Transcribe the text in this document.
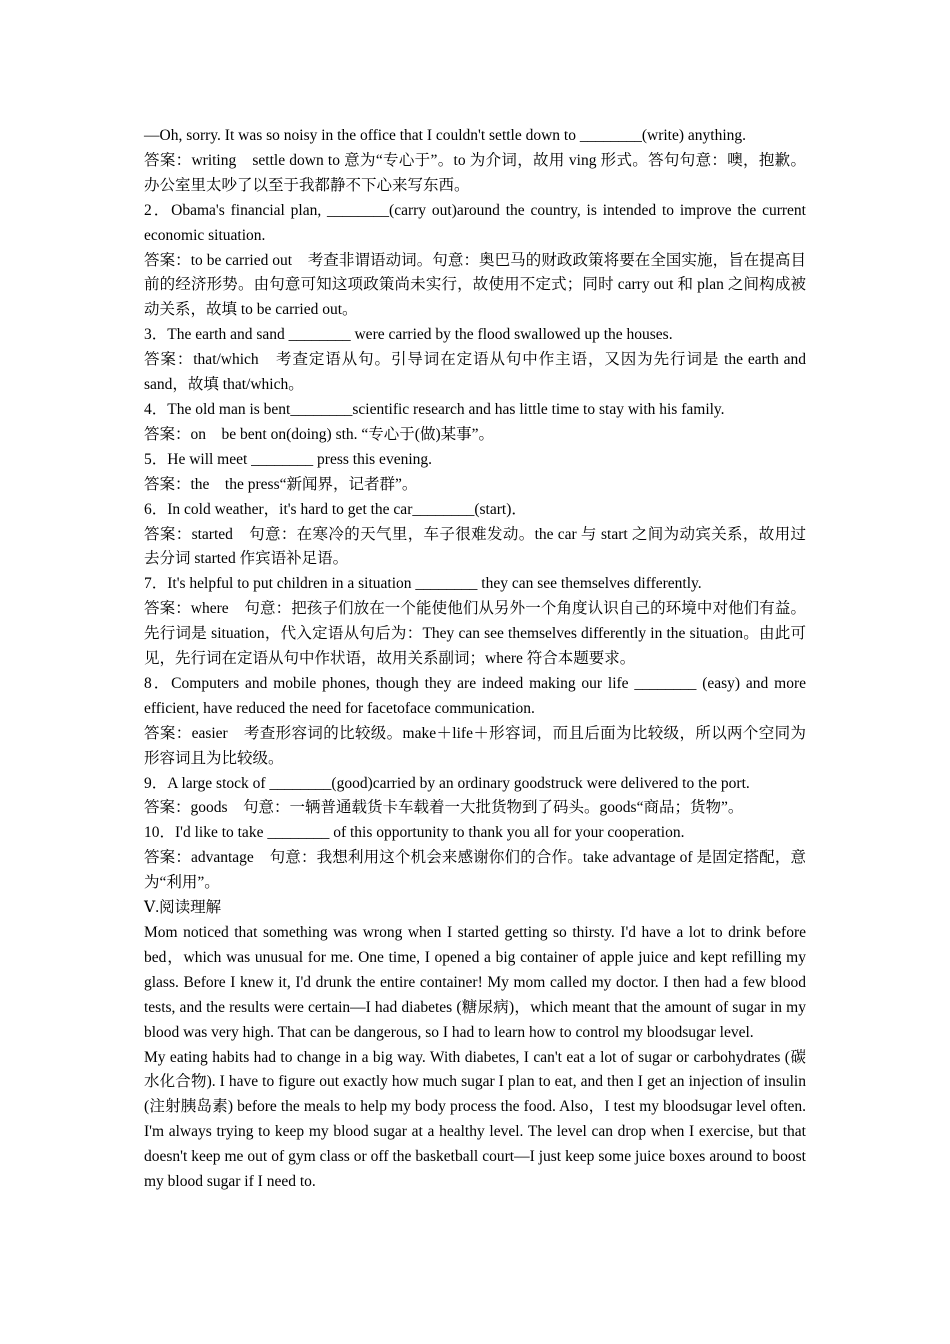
—Oh, sorry. It was so noisy in the office that I couldn't settle down to ________(write) anything.

答案：writing　settle down to 意为“专心于”。to 为介词，故用 ving 形式。答句句意：噢，抱歉。办公室里太吵了以至于我都静不下心来写东西。

2．Obama's financial plan, ________(carry out)around the country, is intended to improve the current economic situation.

答案：to be carried out　考查非谓语动词。句意：奥巴马的财政政策将要在全国实施，旨在提高目前的经济形势。由句意可知这项政策尚未实行，故使用不定式；同时 carry out 和 plan 之间构成被动关系，故填 to be carried out。

3．The earth and sand ________ were carried by the flood swallowed up the houses.

答案：that/which　考查定语从句。引导词在定语从句中作主语，又因为先行词是 the earth and sand，故填 that/which。

4．The old man is bent________scientific research and has little time to stay with his family.

答案：on　be bent on(doing) sth. “专心于(做)某事”。

5．He will meet ________ press this evening.

答案：the　the press“新闻界，记者群”。

6．In cold weather，it's hard to get the car________(start)．

答案：started　句意：在寒冷的天气里，车子很难发动。the car 与 start 之间为动宾关系，故用过去分词 started 作宾语补足语。

7．It's helpful to put children in a situation ________ they can see themselves differently.

答案：where　句意：把孩子们放在一个能使他们从另外一个角度认识自己的环境中对他们有益。先行词是 situation，代入定语从句后为：They can see themselves differently in the situation。由此可见，先行词在定语从句中作状语，故用关系副词；where 符合本题要求。

8．Computers and mobile phones, though they are indeed making our life ________ (easy) and more efficient, have reduced the need for facetoface communication.

答案：easier　考查形容词的比较级。make＋life＋形容词，而且后面为比较级，所以两个空同为形容词且为比较级。

9．A large stock of ________(good)carried by an ordinary goodstruck were delivered to the port.

答案：goods　句意：一辆普通载货卡车载着一大批货物到了码头。goods“商品；货物”。

10．I'd like to take ________ of this opportunity to thank you all for your cooperation.

答案：advantage　句意：我想利用这个机会来感谢你们的合作。take advantage of 是固定搭配，意为“利用”。

Ⅴ.阅读理解

Mom noticed that something was wrong when I started getting so thirsty. I'd have a lot to drink before bed，which was unusual for me. One time, I opened a big container of apple juice and kept refilling my glass. Before I knew it, I'd drunk the entire container! My mom called my doctor. I then had a few blood tests, and the results were certain—I had diabetes (糖尿病)，which meant that the amount of sugar in my blood was very high. That can be dangerous, so I had to learn how to control my bloodsugar level.

My eating habits had to change in a big way. With diabetes, I can't eat a lot of sugar or carbohydrates (碳水化合物). I have to figure out exactly how much sugar I plan to eat, and then I get an injection of insulin (注射胰岛素) before the meals to help my body process the food. Also，I test my bloodsugar level often. I'm always trying to keep my blood sugar at a healthy level. The level can drop when I exercise, but that doesn't keep me out of gym class or off the basketball court—I just keep some juice boxes around to boost my blood sugar if I need to.
